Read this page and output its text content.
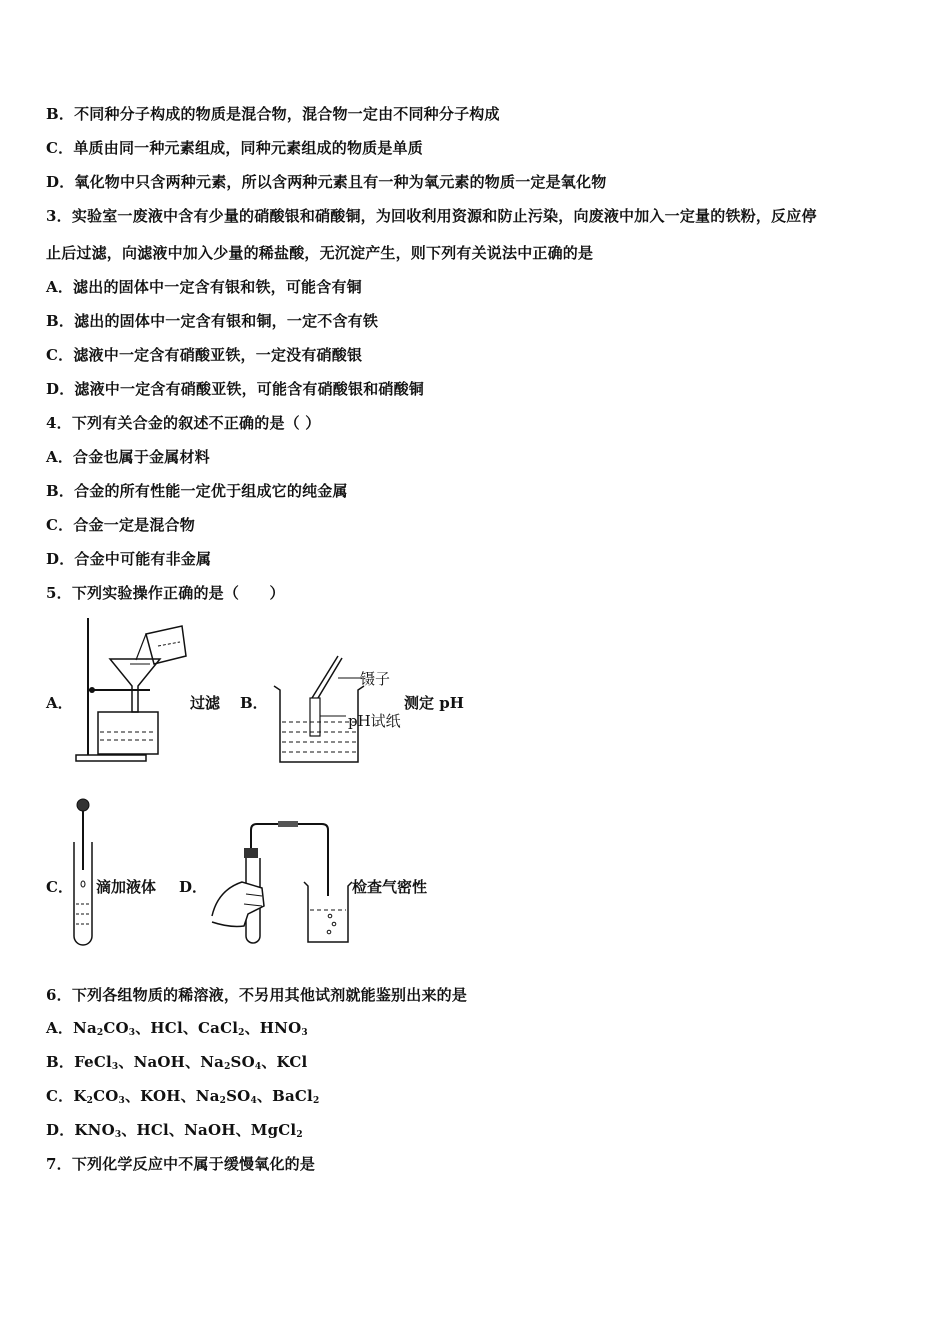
B．不同种分子构成的物质是混合物，混合物一定由不同种分子构成
C．单质由同一种元素组成，同种元素组成的物质是单质
D．氧化物中只含两种元素，所以含两种元素且有一种为氧元素的物质一定是氧化物
3．实验室一废液中含有少量的硝酸银和硝酸铜，为回收利用资源和防止污染，向废液中加入一定量的铁粉，反应停
止后过滤，向滤液中加入少量的稀盐酸，无沉淀产生，则下列有关说法中正确的是
A．滤出的固体中一定含有银和铁，可能含有铜
B．滤出的固体中一定含有银和铜，一定不含有铁
C．滤液中一定含有硝酸亚铁，一定没有硝酸银
D．滤液中一定含有硝酸亚铁，可能含有硝酸银和硝酸铜
4．下列有关合金的叙述不正确的是（ ）
A．合金也属于金属材料
B．合金的所有性能一定优于组成它的纯金属
C．合金一定是混合物
D．合金中可能有非金属
5．下列实验操作正确的是（　　）
A．	过滤 B．
镊子
pH试纸
测定 pH
C． 滴加液体 D．	检查气密性
6．下列各组物质的稀溶液，不另用其他试剂就能鉴别出来的是
A．$Na_2CO_3$、HCl、CaCl$_2$、$HNO_3$
B．FeCl$_3$、NaOH、$Na_2SO_4$、KCl
C．$K_2CO_3$、KOH、$Na_2SO_4$、BaCl$_2$
D．$KNO_3$、HCl、NaOH、MgCl$_2$
7．下列化学反应中不属于缓慢氧化的是
